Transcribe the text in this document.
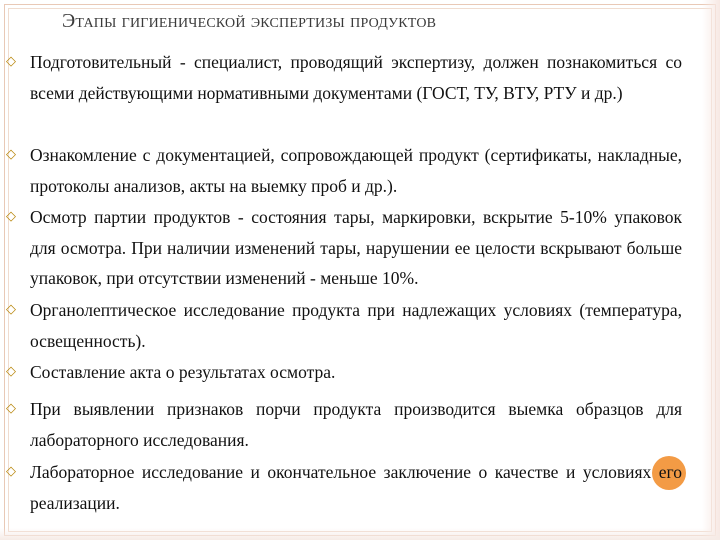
Этапы гигиенической экспертизы продуктов
◇ Подготовительный - специалист, проводящий экспертизу, должен познакомиться со всеми действующими нормативными документами (ГОСТ, ТУ, ВТУ, РТУ и др.)
◇ Ознакомление с документацией, сопровождающей продукт (сертификаты, накладные, протоколы анализов, акты на выемку проб и др.).
◇ Осмотр партии продуктов - состояния тары, маркировки, вскрытие 5-10% упаковок для осмотра. При наличии изменений тары, нарушении ее целости вскрывают больше упаковок, при отсутствии изменений - меньше 10%.
◇ Органолептическое исследование продукта при надлежащих условиях (температура, освещенность).
◇ Составление акта о результатах осмотра.
◇ При выявлении признаков порчи продукта производится выемка образцов для лабораторного исследования.
◇ Лабораторное исследование и окончательное заключение о качестве и условиях его реализации.
